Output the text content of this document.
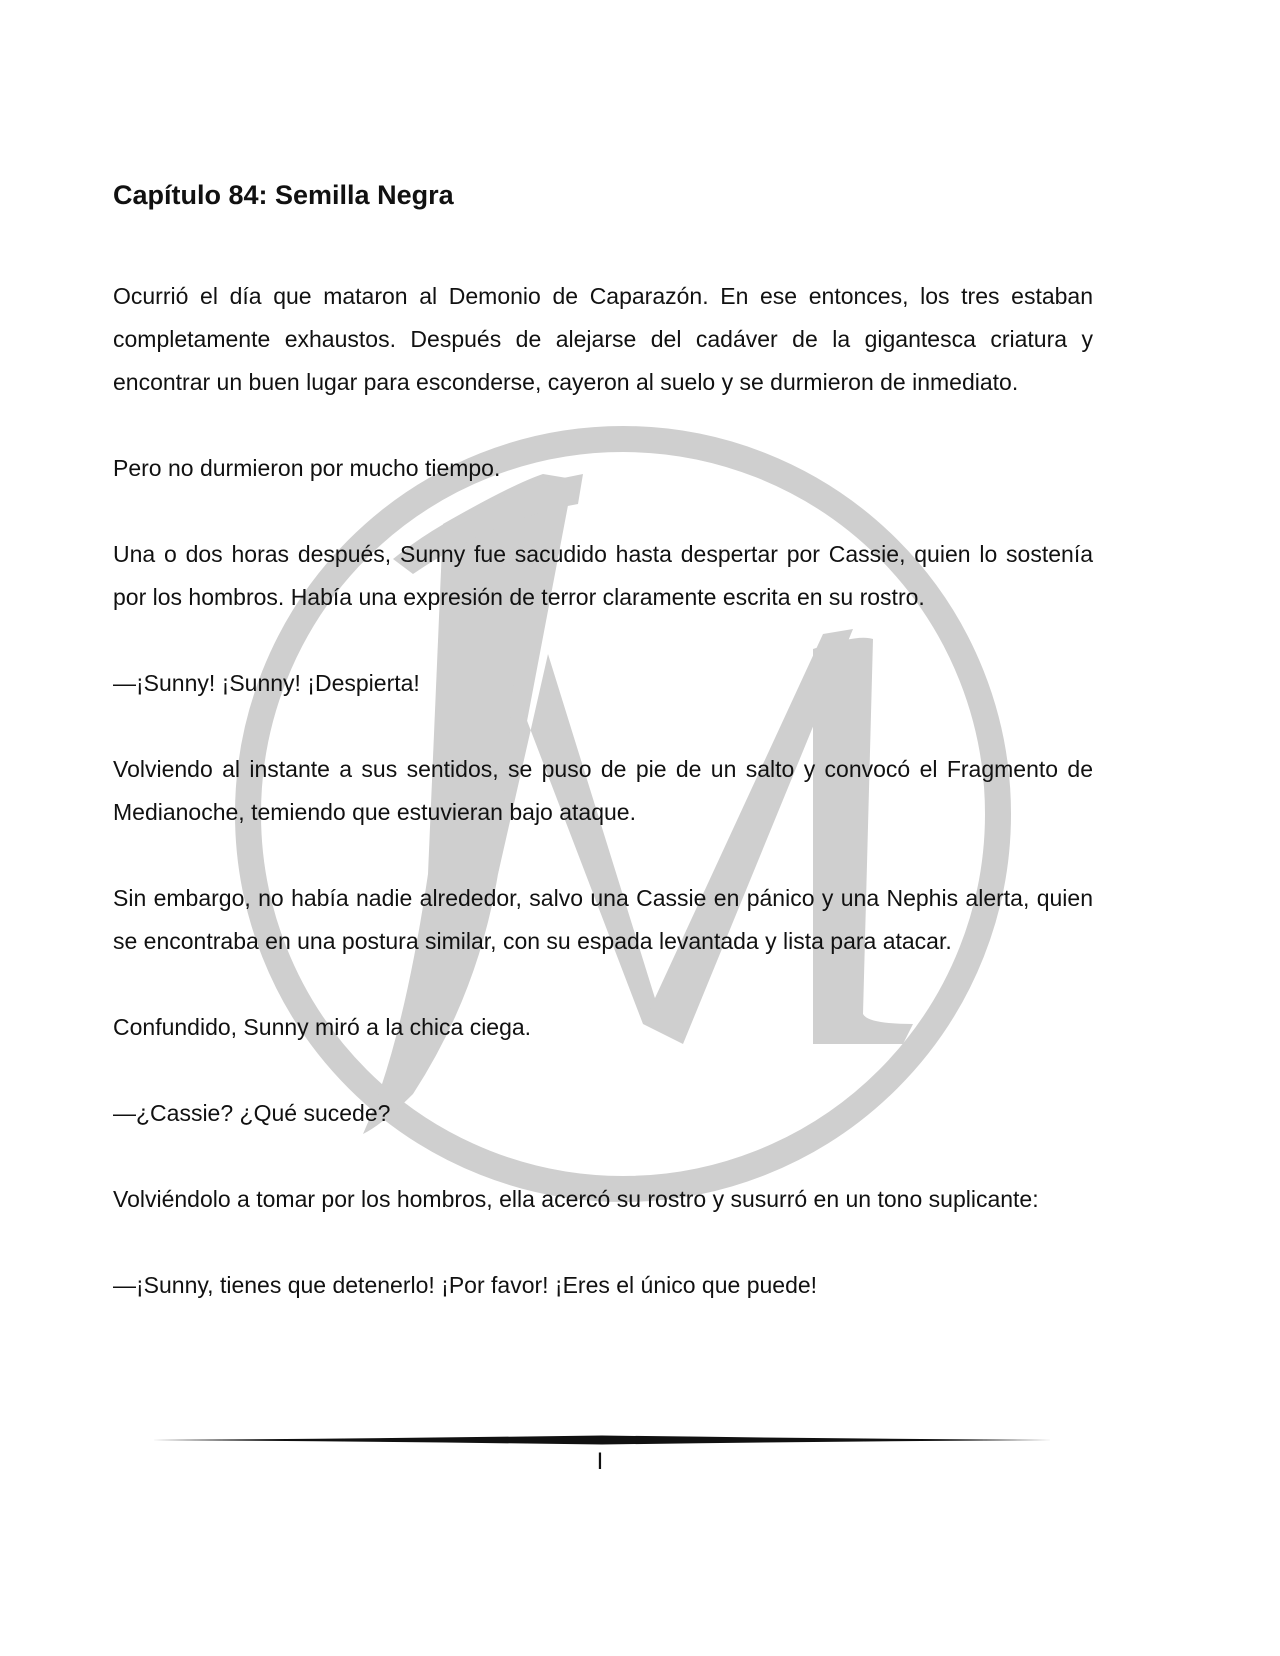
Capítulo 84: Semilla Negra

Ocurrió el día que mataron al Demonio de Caparazón. En ese entonces, los tres estaban completamente exhaustos. Después de alejarse del cadáver de la gigantesca criatura y encontrar un buen lugar para esconderse, cayeron al suelo y se durmieron de inmediato.

Pero no durmieron por mucho tiempo.

Una o dos horas después, Sunny fue sacudido hasta despertar por Cassie, quien lo sostenía por los hombros. Había una expresión de terror claramente escrita en su rostro.

—¡Sunny! ¡Sunny! ¡Despierta!

Volviendo al instante a sus sentidos, se puso de pie de un salto y convocó el Fragmento de Medianoche, temiendo que estuvieran bajo ataque.

Sin embargo, no había nadie alrededor, salvo una Cassie en pánico y una Nephis alerta, quien se encontraba en una postura similar, con su espada levantada y lista para atacar.

Confundido, Sunny miró a la chica ciega.

—¿Cassie? ¿Qué sucede?

Volviéndolo a tomar por los hombros, ella acercó su rostro y susurró en un tono suplicante:

—¡Sunny, tienes que detenerlo! ¡Por favor! ¡Eres el único que puede!

I
